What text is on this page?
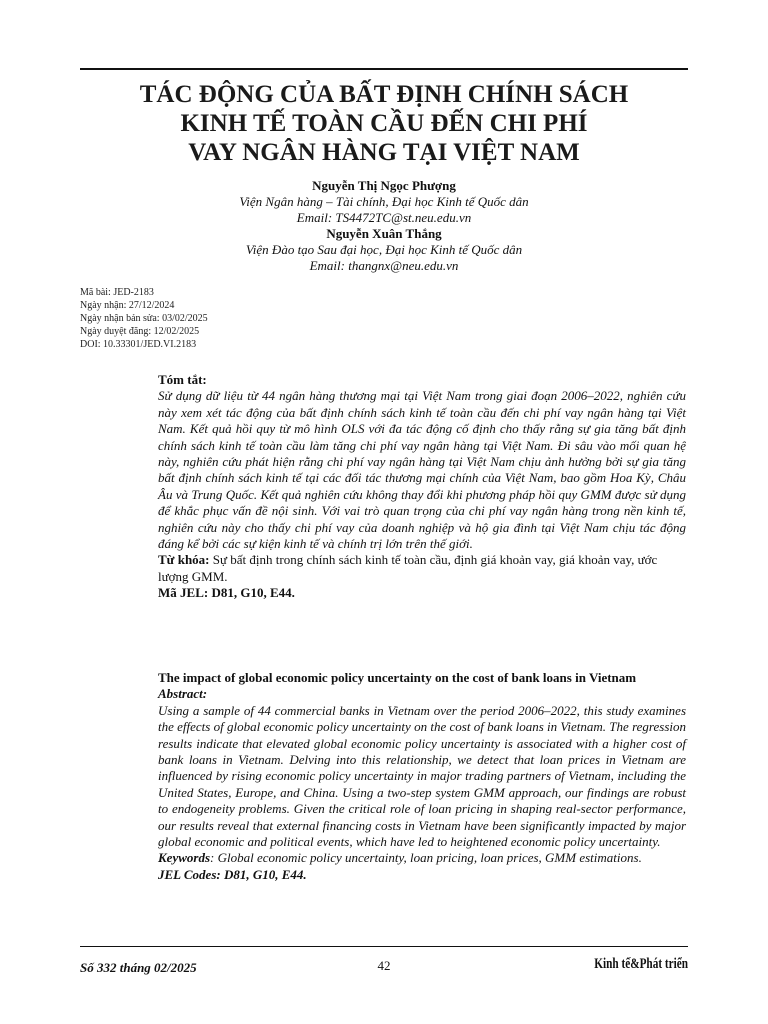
TÁC ĐỘNG CỦA BẤT ĐỊNH CHÍNH SÁCH
KINH TẾ TOÀN CẦU ĐẾN CHI PHÍ
VAY NGÂN HÀNG TẠI VIỆT NAM
Nguyễn Thị Ngọc Phượng
Viện Ngân hàng – Tài chính, Đại học Kinh tế Quốc dân
Email: TS4472TC@st.neu.edu.vn
Nguyễn Xuân Thắng
Viện Đào tạo Sau đại học, Đại học Kinh tế Quốc dân
Email: thangnx@neu.edu.vn
Mã bài: JED-2183
Ngày nhận: 27/12/2024
Ngày nhận bản sửa: 03/02/2025
Ngày duyệt đăng: 12/02/2025
DOI: 10.33301/JED.VI.2183
Tóm tắt:
Sử dụng dữ liệu từ 44 ngân hàng thương mại tại Việt Nam trong giai đoạn 2006–2022, nghiên cứu này xem xét tác động của bất định chính sách kinh tế toàn cầu đến chi phí vay ngân hàng tại Việt Nam. Kết quả hồi quy từ mô hình OLS với đa tác động cố định cho thấy rằng sự gia tăng bất định chính sách kinh tế toàn cầu làm tăng chi phí vay ngân hàng tại Việt Nam. Đi sâu vào mối quan hệ này, nghiên cứu phát hiện rằng chi phí vay ngân hàng tại Việt Nam chịu ảnh hưởng bởi sự gia tăng bất định chính sách kinh tế tại các đối tác thương mại chính của Việt Nam, bao gồm Hoa Kỳ, Châu Âu và Trung Quốc. Kết quả nghiên cứu không thay đổi khi phương pháp hồi quy GMM được sử dụng để khắc phục vấn đề nội sinh. Với vai trò quan trọng của chi phí vay ngân hàng trong nền kinh tế, nghiên cứu này cho thấy chi phí vay của doanh nghiệp và hộ gia đình tại Việt Nam chịu tác động đáng kể bởi các sự kiện kinh tế và chính trị lớn trên thế giới.
Từ khóa: Sự bất định trong chính sách kinh tế toàn cầu, định giá khoản vay, giá khoản vay, ước lượng GMM.
Mã JEL: D81, G10, E44.
The impact of global economic policy uncertainty on the cost of bank loans in Vietnam
Abstract:
Using a sample of 44 commercial banks in Vietnam over the period 2006–2022, this study examines the effects of global economic policy uncertainty on the cost of bank loans in Vietnam. The regression results indicate that elevated global economic policy uncertainty is associated with a higher cost of bank loans in Vietnam. Delving into this relationship, we detect that loan prices in Vietnam are influenced by rising economic policy uncertainty in major trading partners of Vietnam, including the United States, Europe, and China. Using a two-step system GMM approach, our findings are robust to endogeneity problems. Given the critical role of loan pricing in shaping real-sector performance, our results reveal that external financing costs in Vietnam have been significantly impacted by major global economic and political events, which have led to heightened economic policy uncertainty.
Keywords: Global economic policy uncertainty, loan pricing, loan prices, GMM estimations.
JEL Codes: D81, G10, E44.
Số 332 tháng 02/2025	42	Kinh tế&Phát triển
